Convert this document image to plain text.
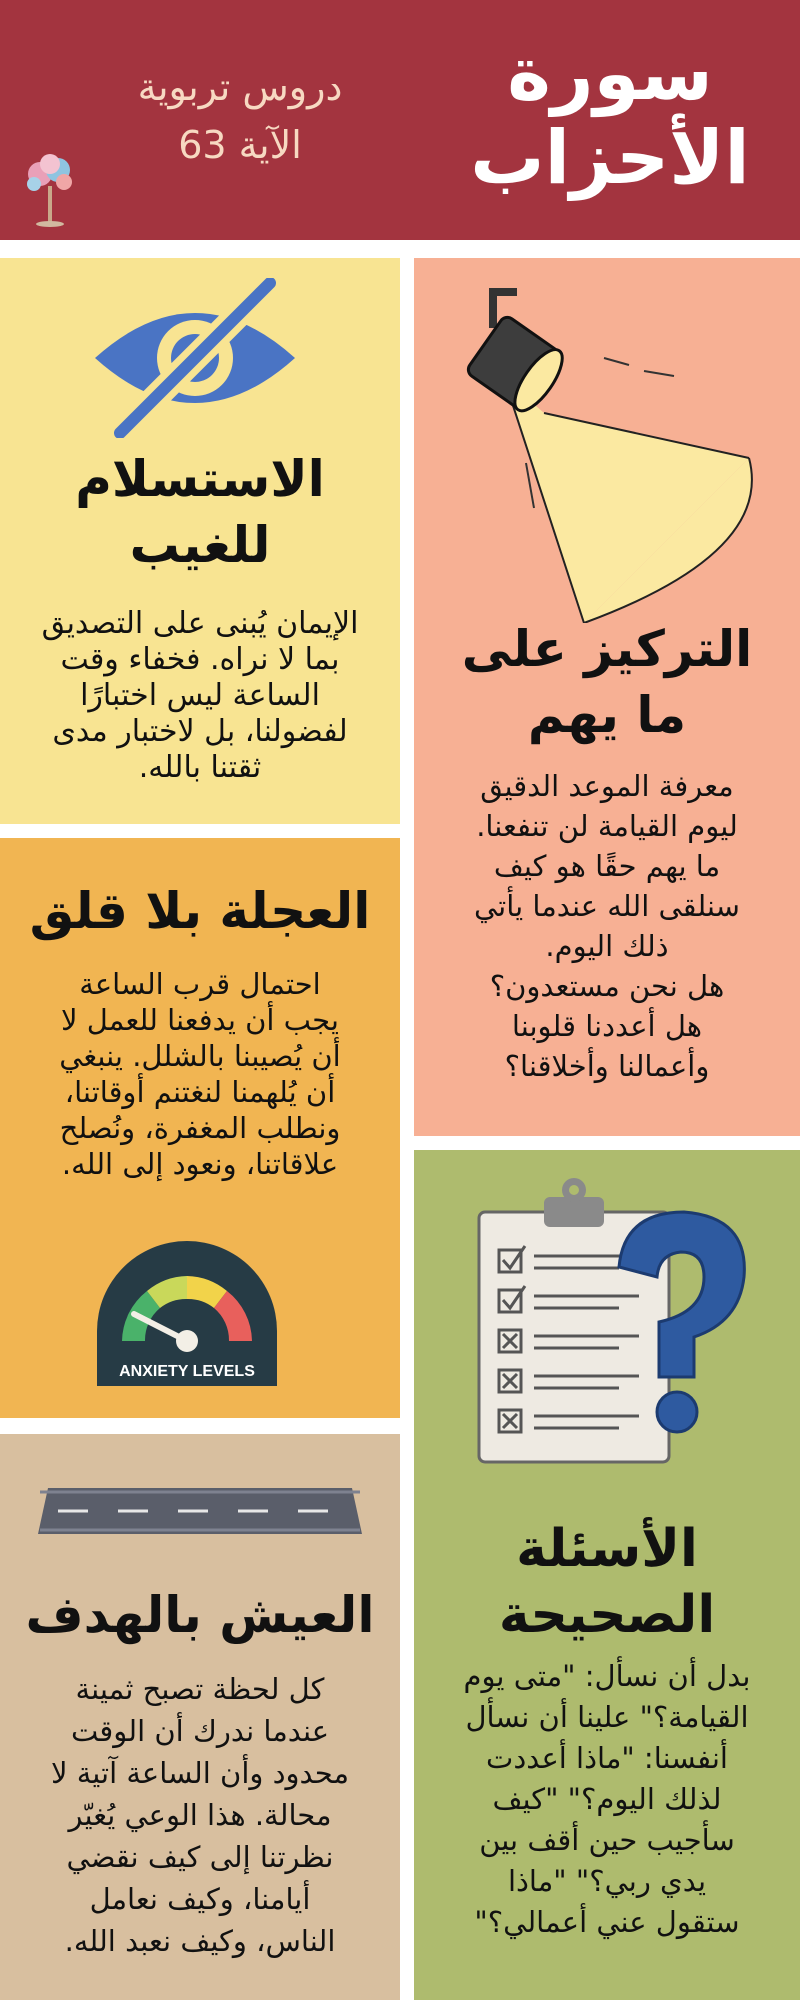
سورة
الأحزاب
دروس تربوية
الآية 63
الاستسلام
للغيب
الإيمان يُبنى على التصديق
بما لا نراه. فخفاء وقت
الساعة ليس اختبارًا
لفضولنا، بل لاختبار مدى
ثقتنا بالله.
التركيز على
ما يهم
معرفة الموعد الدقيق
ليوم القيامة لن تنفعنا.
ما يهم حقًا هو كيف
سنلقى الله عندما يأتي
ذلك اليوم.
هل نحن مستعدون؟
هل أعددنا قلوبنا
وأعمالنا وأخلاقنا؟
العجلة بلا قلق
احتمال قرب الساعة
يجب أن يدفعنا للعمل لا
أن يُصيبنا بالشلل. ينبغي
أن يُلهمنا لنغتنم أوقاتنا،
ونطلب المغفرة، ونُصلح
علاقاتنا، ونعود إلى الله.
ANXIETY LEVELS
الأسئلة
الصحيحة
بدل أن نسأل: "متى يوم
القيامة؟" علينا أن نسأل
أنفسنا: "ماذا أعددت
لذلك اليوم؟" "كيف
سأجيب حين أقف بين
يدي ربي؟" "ماذا
ستقول عني أعمالي؟"
العيش بالهدف
كل لحظة تصبح ثمينة
عندما ندرك أن الوقت
محدود وأن الساعة آتية لا
محالة. هذا الوعي يُغيّر
نظرتنا إلى كيف نقضي
أيامنا، وكيف نعامل
الناس، وكيف نعبد الله.
